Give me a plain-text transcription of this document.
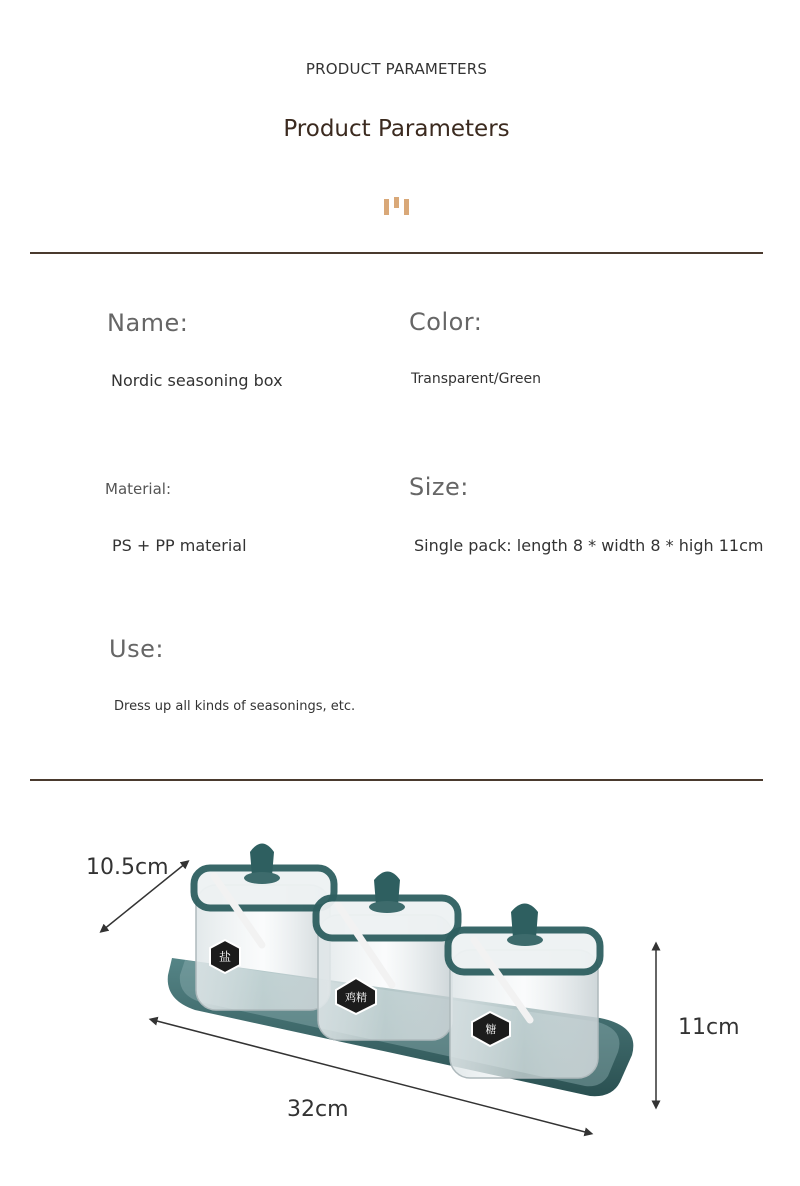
PRODUCT PARAMETERS
Product Parameters
Name:
Nordic seasoning box
Color:
Transparent/Green
Material:
PS + PP material
Size:
Single pack: length 8 * width 8 * high 11cm
Use:
Dress up all kinds of seasonings, etc.
盐
鸡精
糖
10.5cm
11cm
32cm
